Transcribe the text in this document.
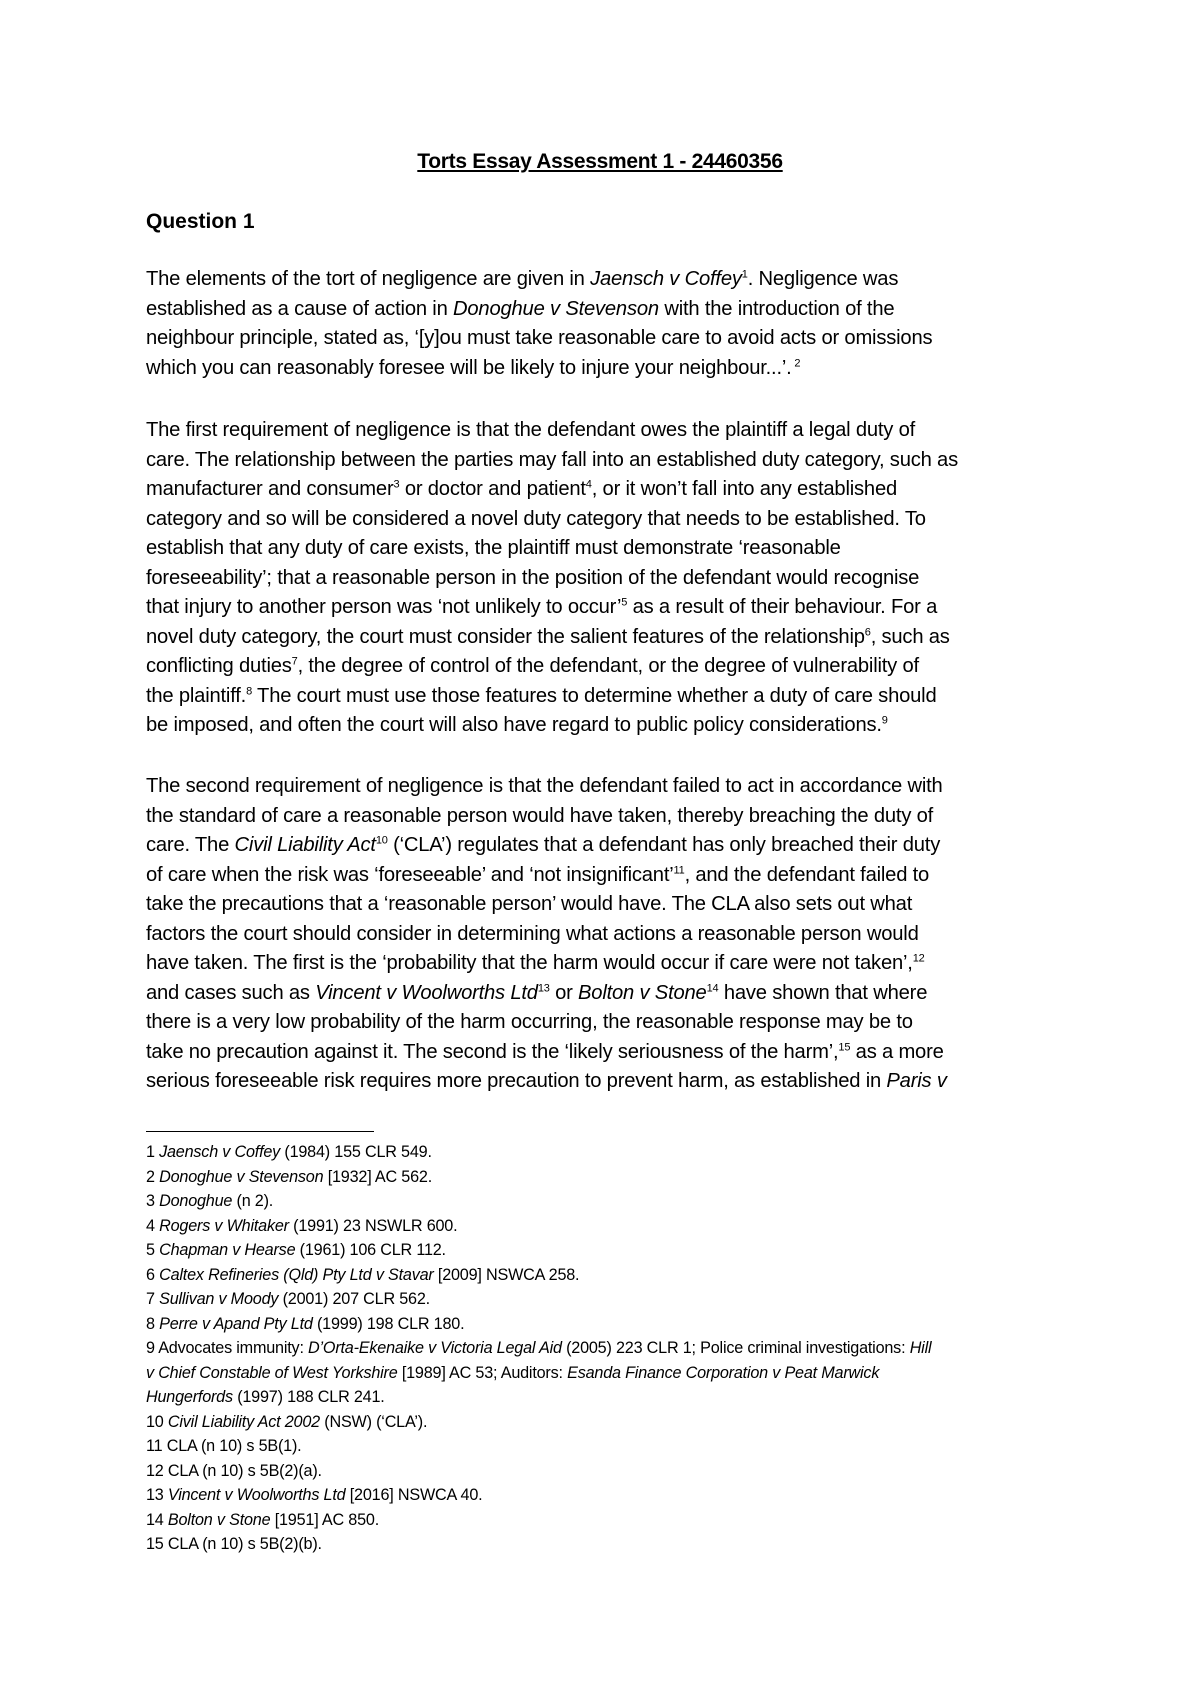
Torts Essay Assessment 1 - 24460356
Question 1
The elements of the tort of negligence are given in Jaensch v Coffey$^1$. Negligence was
established as a cause of action in Donoghue v Stevenson with the introduction of the
neighbour principle, stated as, ‘[y]ou must take reasonable care to avoid acts or omissions
which you can reasonably foresee will be likely to injure your neighbour...’. $^2$
The first requirement of negligence is that the defendant owes the plaintiff a legal duty of
care. The relationship between the parties may fall into an established duty category, such as
manufacturer and consumer$^3$ or doctor and patient$^4$, or it won’t fall into any established
category and so will be considered a novel duty category that needs to be established. To
establish that any duty of care exists, the plaintiff must demonstrate ‘reasonable
foreseeability’; that a reasonable person in the position of the defendant would recognise
that injury to another person was ‘not unlikely to occur’$^5$ as a result of their behaviour. For a
novel duty category, the court must consider the salient features of the relationship$^6$, such as
conflicting duties$^7$, the degree of control of the defendant, or the degree of vulnerability of
the plaintiff.$^8$ The court must use those features to determine whether a duty of care should
be imposed, and often the court will also have regard to public policy considerations.$^9$
The second requirement of negligence is that the defendant failed to act in accordance with
the standard of care a reasonable person would have taken, thereby breaching the duty of
care. The Civil Liability Act$^{10}$ (‘CLA’) regulates that a defendant has only breached their duty
of care when the risk was ‘foreseeable’ and ‘not insignificant’$^{11}$, and the defendant failed to
take the precautions that a ‘reasonable person’ would have. The CLA also sets out what
factors the court should consider in determining what actions a reasonable person would
have taken. The first is the ‘probability that the harm would occur if care were not taken’,$^{12}$
and cases such as Vincent v Woolworths Ltd$^{13}$ or Bolton v Stone$^{14}$ have shown that where
there is a very low probability of the harm occurring, the reasonable response may be to
take no precaution against it. The second is the ‘likely seriousness of the harm’,$^{15}$ as a more
serious foreseeable risk requires more precaution to prevent harm, as established in Paris v
1 Jaensch v Coffey (1984) 155 CLR 549.
2 Donoghue v Stevenson [1932] AC 562.
3 Donoghue (n 2).
4 Rogers v Whitaker (1991) 23 NSWLR 600.
5 Chapman v Hearse (1961) 106 CLR 112.
6 Caltex Refineries (Qld) Pty Ltd v Stavar [2009] NSWCA 258.
7 Sullivan v Moody (2001) 207 CLR 562.
8 Perre v Apand Pty Ltd (1999) 198 CLR 180.
9 Advocates immunity: D’Orta-Ekenaike v Victoria Legal Aid (2005) 223 CLR 1; Police criminal investigations: Hill
v Chief Constable of West Yorkshire [1989] AC 53; Auditors: Esanda Finance Corporation v Peat Marwick
Hungerfords (1997) 188 CLR 241.
10 Civil Liability Act 2002 (NSW) (‘CLA’).
11 CLA (n 10) s 5B(1).
12 CLA (n 10) s 5B(2)(a).
13 Vincent v Woolworths Ltd [2016] NSWCA 40.
14 Bolton v Stone [1951] AC 850.
15 CLA (n 10) s 5B(2)(b).
